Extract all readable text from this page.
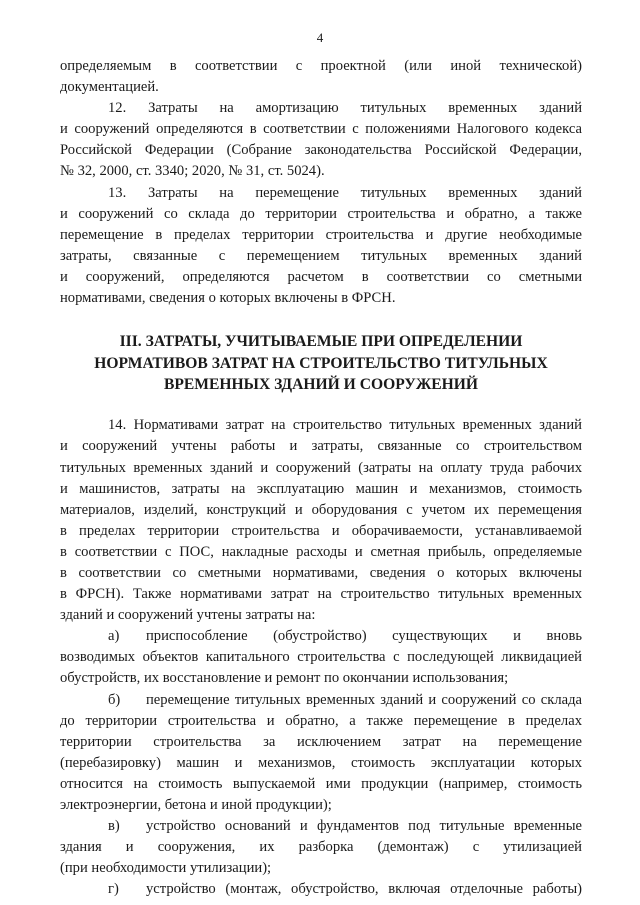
4
определяемым в соответствии с проектной (или иной технической)
документацией.
12. Затраты на амортизацию титульных временных зданий
и сооружений определяются в соответствии с положениями Налогового кодекса
Российской Федерации (Собрание законодательства Российской Федерации,
№ 32, 2000, ст. 3340; 2020, № 31, ст. 5024).
13. Затраты на перемещение титульных временных зданий
и сооружений со склада до территории строительства и обратно, а также
перемещение в пределах территории строительства и другие необходимые
затраты, связанные с перемещением титульных временных зданий
и сооружений, определяются расчетом в соответствии со сметными
нормативами, сведения о которых включены в ФРСН.
III. ЗАТРАТЫ, УЧИТЫВАЕМЫЕ ПРИ ОПРЕДЕЛЕНИИ
НОРМАТИВОВ ЗАТРАТ НА СТРОИТЕЛЬСТВО ТИТУЛЬНЫХ
ВРЕМЕННЫХ ЗДАНИЙ И СООРУЖЕНИЙ
14. Нормативами затрат на строительство титульных временных зданий
и сооружений учтены работы и затраты, связанные со строительством
титульных временных зданий и сооружений (затраты на оплату труда рабочих
и машинистов, затраты на эксплуатацию машин и механизмов, стоимость
материалов, изделий, конструкций и оборудования с учетом их перемещения
в пределах территории строительства и оборачиваемости, устанавливаемой
в соответствии с ПОС, накладные расходы и сметная прибыль, определяемые
в соответствии со сметными нормативами, сведения о которых включены
в ФРСН). Также нормативами затрат на строительство титульных временных
зданий и сооружений учтены затраты на:
а) приспособление (обустройство) существующих и вновь
возводимых объектов капитального строительства с последующей ликвидацией
обустройств, их восстановление и ремонт по окончании использования;
б) перемещение титульных временных зданий и сооружений со склада
до территории строительства и обратно, а также перемещение в пределах
территории строительства за исключением затрат на перемещение
(перебазировку) машин и механизмов, стоимость эксплуатации которых
относится на стоимость выпускаемой ими продукции (например, стоимость
электроэнергии, бетона и иной продукции);
в) устройство оснований и фундаментов под титульные временные
здания и сооружения, их разборка (демонтаж) с утилизацией
(при необходимости утилизации);
г) устройство (монтаж, обустройство, включая отделочные работы)
